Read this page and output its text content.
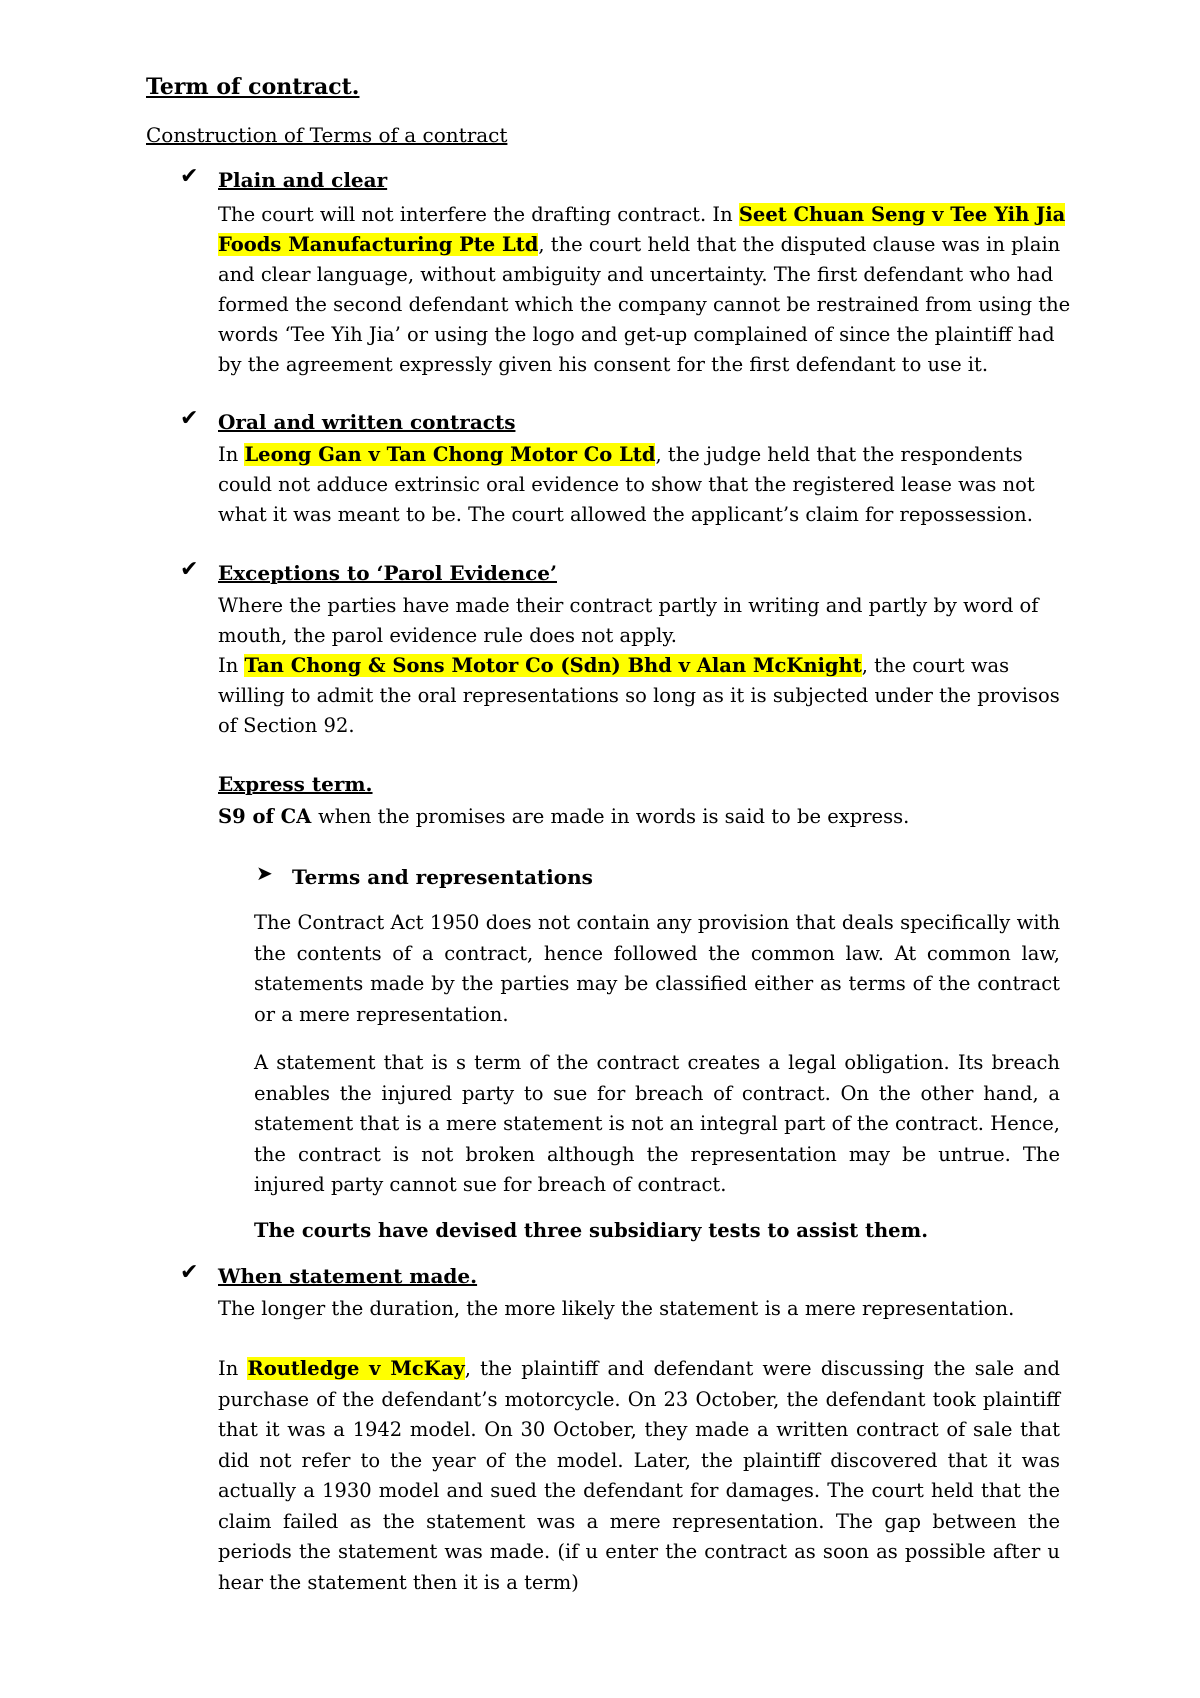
Term of contract.
Construction of Terms of a contract
✔ Plain and clear
The court will not interfere the drafting contract. In Seet Chuan Seng v Tee Yih Jia
Foods Manufacturing Pte Ltd, the court held that the disputed clause was in plain
and clear language, without ambiguity and uncertainty. The first defendant who had
formed the second defendant which the company cannot be restrained from using the
words ‘Tee Yih Jia’ or using the logo and get-up complained of since the plaintiff had
by the agreement expressly given his consent for the first defendant to use it.
✔ Oral and written contracts
In Leong Gan v Tan Chong Motor Co Ltd, the judge held that the respondents
could not adduce extrinsic oral evidence to show that the registered lease was not
what it was meant to be. The court allowed the applicant’s claim for repossession.
✔ Exceptions to ‘Parol Evidence’
Where the parties have made their contract partly in writing and partly by word of
mouth, the parol evidence rule does not apply.
In Tan Chong & Sons Motor Co (Sdn) Bhd v Alan McKnight, the court was
willing to admit the oral representations so long as it is subjected under the provisos
of Section 92.
Express term.
S9 of CA when the promises are made in words is said to be express.
➤ Terms and representations
The Contract Act 1950 does not contain any provision that deals specifically with the contents of a contract, hence followed the common law. At common law, statements made by the parties may be classified either as terms of the contract or a mere representation.
A statement that is s term of the contract creates a legal obligation. Its breach enables the injured party to sue for breach of contract. On the other hand, a statement that is a mere statement is not an integral part of the contract. Hence, the contract is not broken although the representation may be untrue. The injured party cannot sue for breach of contract.
The courts have devised three subsidiary tests to assist them.
✔ When statement made.
The longer the duration, the more likely the statement is a mere representation.
In Routledge v McKay, the plaintiff and defendant were discussing the sale and purchase of the defendant’s motorcycle. On 23 October, the defendant took plaintiff that it was a 1942 model. On 30 October, they made a written contract of sale that did not refer to the year of the model. Later, the plaintiff discovered that it was actually a 1930 model and sued the defendant for damages. The court held that the claim failed as the statement was a mere representation. The gap between the periods the statement was made. (if u enter the contract as soon as possible after u hear the statement then it is a term)
